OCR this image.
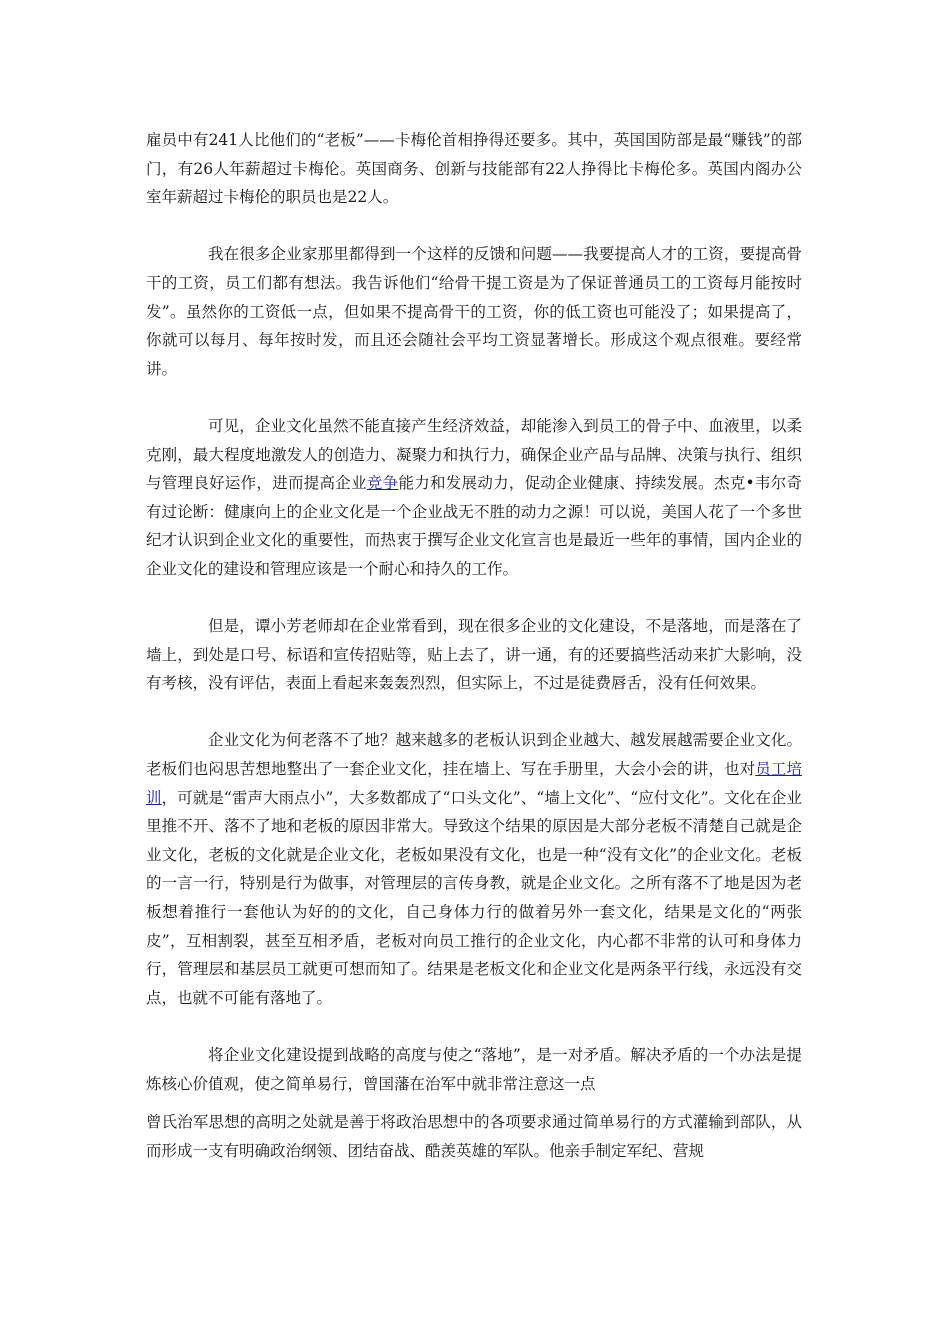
雇员中有241人比他们的“老板”——卡梅伦首相挣得还要多。其中，英国国防部是最“赚钱”的部门，有26人年薪超过卡梅伦。英国商务、创新与技能部有22人挣得比卡梅伦多。英国内阁办公室年薪超过卡梅伦的职员也是22人。

我在很多企业家那里都得到一个这样的反馈和问题——我要提高人才的工资，要提高骨干的工资，员工们都有想法。我告诉他们“给骨干提工资是为了保证普通员工的工资每月能按时发”。虽然你的工资低一点，但如果不提高骨干的工资，你的低工资也可能没了；如果提高了，你就可以每月、每年按时发，而且还会随社会平均工资显著增长。形成这个观点很难。要经常讲。

可见，企业文化虽然不能直接产生经济效益，却能渗入到员工的骨子中、血液里，以柔克刚，最大程度地激发人的创造力、凝聚力和执行力，确保企业产品与品牌、决策与执行、组织与管理良好运作，进而提高企业竞争能力和发展动力，促动企业健康、持续发展。杰克•韦尔奇有过论断：健康向上的企业文化是一个企业战无不胜的动力之源！可以说，美国人花了一个多世纪才认识到企业文化的重要性，而热衷于撰写企业文化宣言也是最近一些年的事情，国内企业的企业文化的建设和管理应该是一个耐心和持久的工作。

但是，谭小芳老师却在企业常看到，现在很多企业的文化建设，不是落地，而是落在了墙上，到处是口号、标语和宣传招贴等，贴上去了，讲一通，有的还要搞些活动来扩大影响，没有考核，没有评估，表面上看起来轰轰烈烈，但实际上，不过是徒费唇舌，没有任何效果。

企业文化为何老落不了地？越来越多的老板认识到企业越大、越发展越需要企业文化。老板们也闷思苦想地整出了一套企业文化，挂在墙上、写在手册里，大会小会的讲，也对员工培训，可就是“雷声大雨点小”，大多数都成了“口头文化”、“墙上文化”、“应付文化”。文化在企业里推不开、落不了地和老板的原因非常大。导致这个结果的原因是大部分老板不清楚自己就是企业文化，老板的文化就是企业文化，老板如果没有文化，也是一种“没有文化”的企业文化。老板的一言一行，特别是行为做事，对管理层的言传身教，就是企业文化。之所有落不了地是因为老板想着推行一套他认为好的的文化，自己身体力行的做着另外一套文化，结果是文化的“两张皮”，互相割裂，甚至互相矛盾，老板对向员工推行的企业文化，内心都不非常的认可和身体力行，管理层和基层员工就更可想而知了。结果是老板文化和企业文化是两条平行线，永远没有交点，也就不可能有落地了。

将企业文化建设提到战略的高度与使之“落地”，是一对矛盾。解决矛盾的一个办法是提炼核心价值观，使之简单易行，曾国藩在治军中就非常注意这一点

曾氏治军思想的高明之处就是善于将政治思想中的各项要求通过简单易行的方式灌输到部队，从而形成一支有明确政治纲领、团结奋战、酷羡英雄的军队。他亲手制定军纪、营规
